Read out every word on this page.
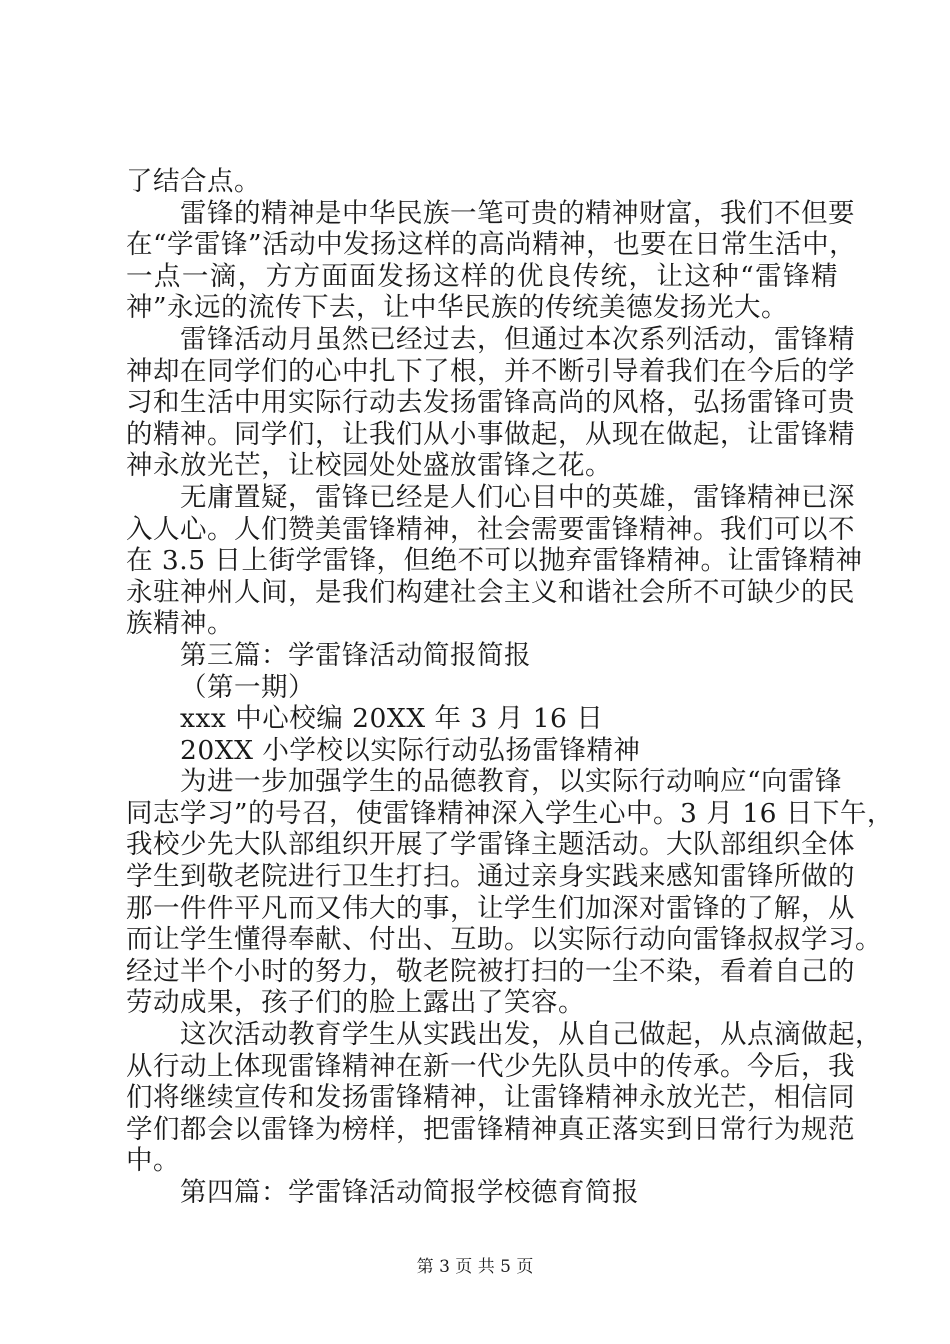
了结合点。
雷锋的精神是中华民族一笔可贵的精神财富，我们不但要
在“学雷锋”活动中发扬这样的高尚精神，也要在日常生活中，
一点一滴，方方面面发扬这样的优良传统，让这种“雷锋精
神”永远的流传下去，让中华民族的传统美德发扬光大。
雷锋活动月虽然已经过去，但通过本次系列活动，雷锋精
神却在同学们的心中扎下了根，并不断引导着我们在今后的学
习和生活中用实际行动去发扬雷锋高尚的风格，弘扬雷锋可贵
的精神。同学们，让我们从小事做起，从现在做起，让雷锋精
神永放光芒，让校园处处盛放雷锋之花。
无庸置疑，雷锋已经是人们心目中的英雄，雷锋精神已深
入人心。人们赞美雷锋精神，社会需要雷锋精神。我们可以不
在 3.5 日上街学雷锋，但绝不可以抛弃雷锋精神。让雷锋精神
永驻神州人间，是我们构建社会主义和谐社会所不可缺少的民
族精神。
第三篇：学雷锋活动简报简报
（第一期）
xxx 中心校编 20XX 年 3 月 16 日
20XX 小学校以实际行动弘扬雷锋精神
为进一步加强学生的品德教育，以实际行动响应“向雷锋
同志学习”的号召，使雷锋精神深入学生心中。3 月 16 日下午，
我校少先大队部组织开展了学雷锋主题活动。大队部组织全体
学生到敬老院进行卫生打扫。通过亲身实践来感知雷锋所做的
那一件件平凡而又伟大的事，让学生们加深对雷锋的了解，从
而让学生懂得奉献、付出、互助。以实际行动向雷锋叔叔学习。
经过半个小时的努力，敬老院被打扫的一尘不染，看着自己的
劳动成果，孩子们的脸上露出了笑容。
这次活动教育学生从实践出发，从自己做起，从点滴做起，
从行动上体现雷锋精神在新一代少先队员中的传承。今后，我
们将继续宣传和发扬雷锋精神，让雷锋精神永放光芒，相信同
学们都会以雷锋为榜样，把雷锋精神真正落实到日常行为规范
中。
第四篇：学雷锋活动简报学校德育简报
第 3 页 共 5 页
